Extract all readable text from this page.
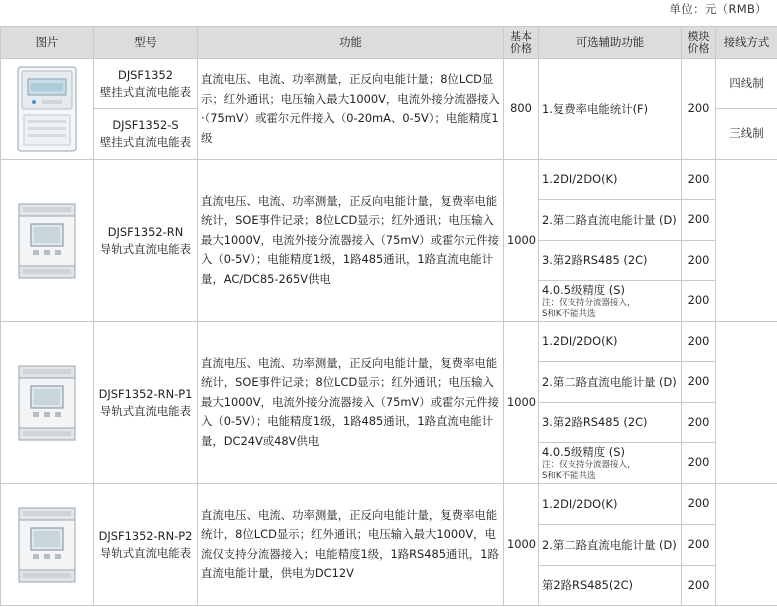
单位：元（RMB）
图片	型号	功能	基本
价格	可选辅助功能	模块
价格	接线方式

	DJSF1352
壁挂式直流电能表	直流电压、电流、功率测量，正反向电能计量；8位LCD显示；红外通讯；电压输入最大1000V，电流外接分流器接入·（75mV）或霍尔元件接入（0-20mA、0-5V）；电能精度1级	800	1.复费率电能统计(F)	200	四线制
	DJSF1352-S
壁挂式直流电能表					三线制

	DJSF1352-RN
导轨式直流电能表	直流电压、电流、功率测量，正反向电能计量，复费率电能统计，SOE事件记录；8位LCD显示；红外通讯；电压输入最大1000V，电流外接分流器接入（75mV）或霍尔元件接入（0-5V）；电能精度1级，1路485通讯，1路直流电能计量，AC/DC85-265V供电	1000	1.2DI/2DO(K)	200	
				2.第二路直流电能计量 (D)	200	
				3.第2路RS485 (2C)	200	

				4.0.5级精度 (S)
注：仅支持分流器接入，
S和K不能共选	200	

	DJSF1352-RN-P1
导轨式直流电能表	直流电压、电流、功率测量，正反向电能计量，复费率电能统计，SOE事件记录；8位LCD显示；红外通讯；电压输入最大1000V，电流外接分流器接入（75mV）或霍尔元件接入（0-5V）；电能精度1级，1路485通讯，1路直流电能计量，DC24V或48V供电	1000	1.2DI/2DO(K)	200	
				2.第二路直流电能计量 (D)	200	
				3.第2路RS485 (2C)	200	

				4.0.5级精度 (S)
注：仅支持分流器接入，
S和K不能共选	200	

	DJSF1352-RN-P2
导轨式直流电能表	直流电压、电流、功率测量，正反向电能计量，复费率电能统计，8位LCD显示；红外通讯；电压输入最大1000V，电流仅支持分流器接入；电能精度1级，1路RS485通讯，1路直流电能计量，供电为DC12V	1000	1.2DI/2DO(K)	200	
				2.第二路直流电能计量 (D)	200	
				第2路RS485(2C)	200	
